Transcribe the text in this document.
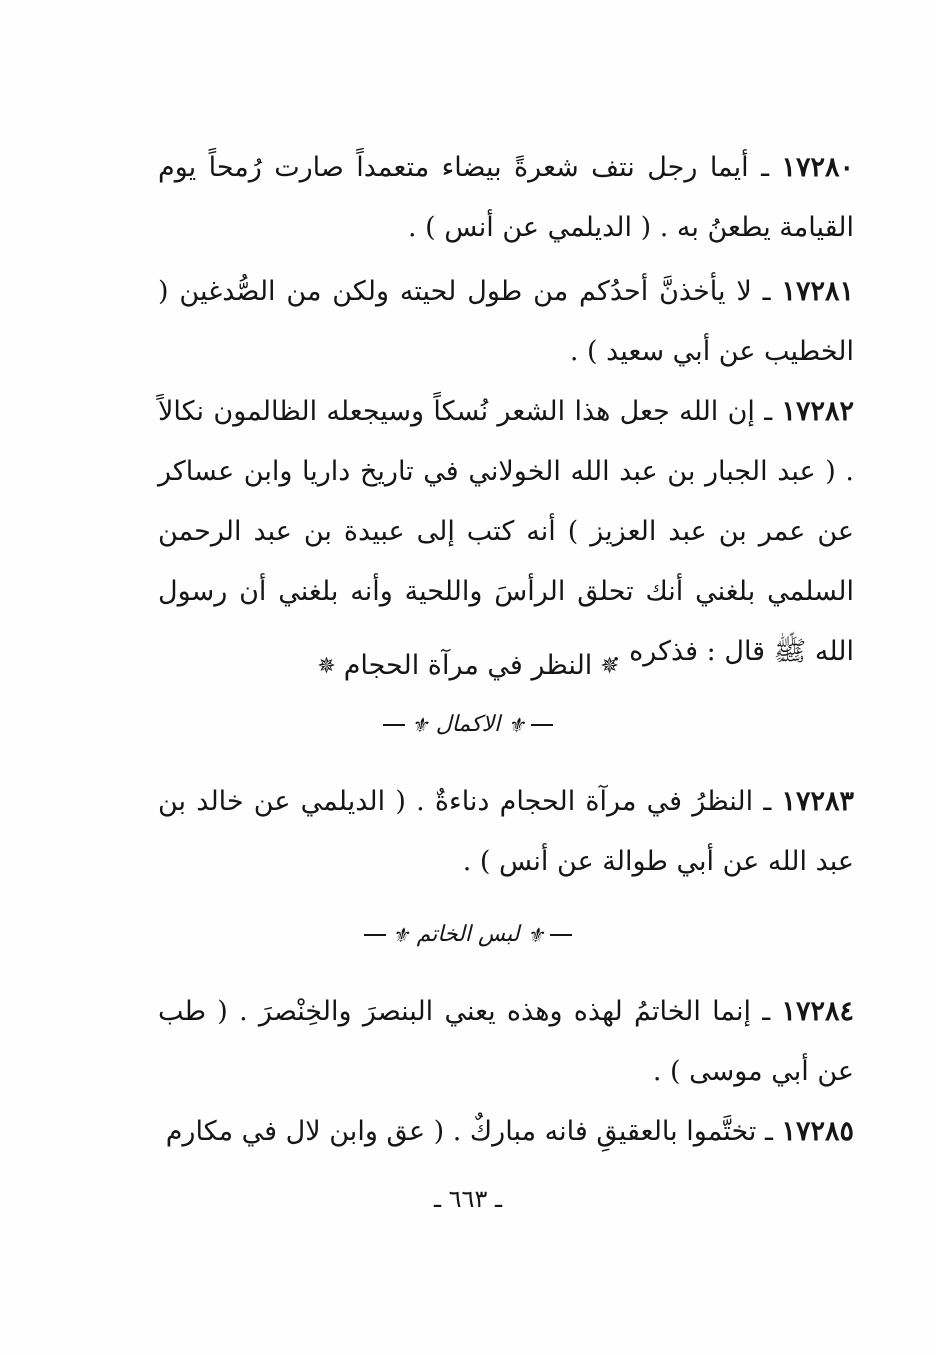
١٧٢٨٠ ـ أيما رجل نتف شعرةً بيضاء متعمداً صارت رُمحاً يوم القيامة يطعنُ به . ( الديلمي عن أنس ) .

١٧٢٨١ ـ لا يأخذنَّ أحدُكم من طول لحيته ولكن من الصُّدغين ( الخطيب عن أبي سعيد ) .

١٧٢٨٢ ـ إن الله جعل هذا الشعر نُسكاً وسيجعله الظالمون نكالاً . ( عبد الجبار بن عبد الله الخولاني في تاريخ داريا وابن عساكر عن عمر بن عبد العزيز ) أنه كتب إلى عبيدة بن عبد الرحمن السلمي بلغني أنك تحلق الرأسَ واللحية وأنه بلغني أن رسول الله ﷺ قال : فذكره .

✵النظر في مرآة الحجام✵
⚜ الاكمال ⚜

١٧٢٨٣ ـ النظرُ في مرآة الحجام دناءةٌ . ( الديلمي عن خالد بن عبد الله عن أبي طوالة عن أنس ) .

⚜ لبس الخاتم ⚜

١٧٢٨٤ ـ إنما الخاتمُ لهذه وهذه يعني البنصرَ والخِنْصرَ . ( طب عن أبي موسى ) .

١٧٢٨٥ ـ تختَّموا بالعقيقِ فانه مباركٌ . ( عق وابن لال في مكارم

ـ ٦٦٣ ـ
